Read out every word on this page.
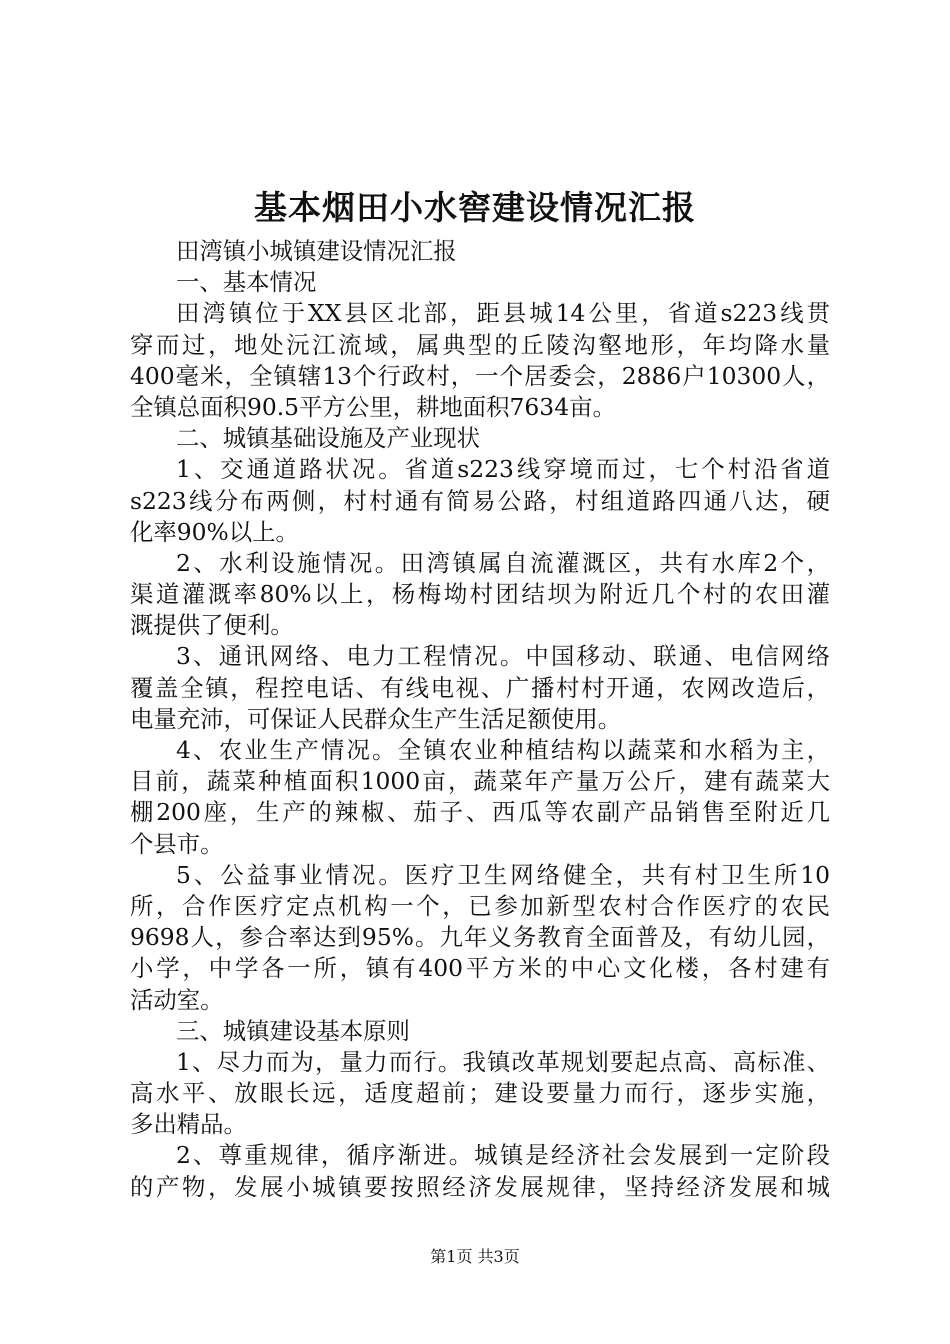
基本烟田小水窖建设情况汇报
田湾镇小城镇建设情况汇报
一、基本情况
田湾镇位于XX县区北部，距县城14公里，省道s223线贯
穿而过，地处沅江流域，属典型的丘陵沟壑地形，年均降水量
400毫米，全镇辖13个行政村，一个居委会，2886户10300人，
全镇总面积90.5平方公里，耕地面积7634亩。
二、城镇基础设施及产业现状
1、交通道路状况。省道s223线穿境而过，七个村沿省道
s223线分布两侧，村村通有简易公路，村组道路四通八达，硬
化率90%以上。
2、水利设施情况。田湾镇属自流灌溉区，共有水库2个，
渠道灌溉率80%以上，杨梅坳村团结坝为附近几个村的农田灌
溉提供了便利。
3、通讯网络、电力工程情况。中国移动、联通、电信网络
覆盖全镇，程控电话、有线电视、广播村村开通，农网改造后，
电量充沛，可保证人民群众生产生活足额使用。
4、农业生产情况。全镇农业种植结构以蔬菜和水稻为主，
目前，蔬菜种植面积1000亩，蔬菜年产量万公斤，建有蔬菜大
棚200座，生产的辣椒、茄子、西瓜等农副产品销售至附近几
个县市。
5、公益事业情况。医疗卫生网络健全，共有村卫生所10
所，合作医疗定点机构一个，已参加新型农村合作医疗的农民
9698人，参合率达到95%。九年义务教育全面普及，有幼儿园，
小学，中学各一所，镇有400平方米的中心文化楼，各村建有
活动室。
三、城镇建设基本原则
1、尽力而为，量力而行。我镇改革规划要起点高、高标准、
高水平、放眼长远，适度超前；建设要量力而行，逐步实施，
多出精品。
2、尊重规律，循序渐进。城镇是经济社会发展到一定阶段
的产物，发展小城镇要按照经济发展规律，坚持经济发展和城
第1页 共3页
